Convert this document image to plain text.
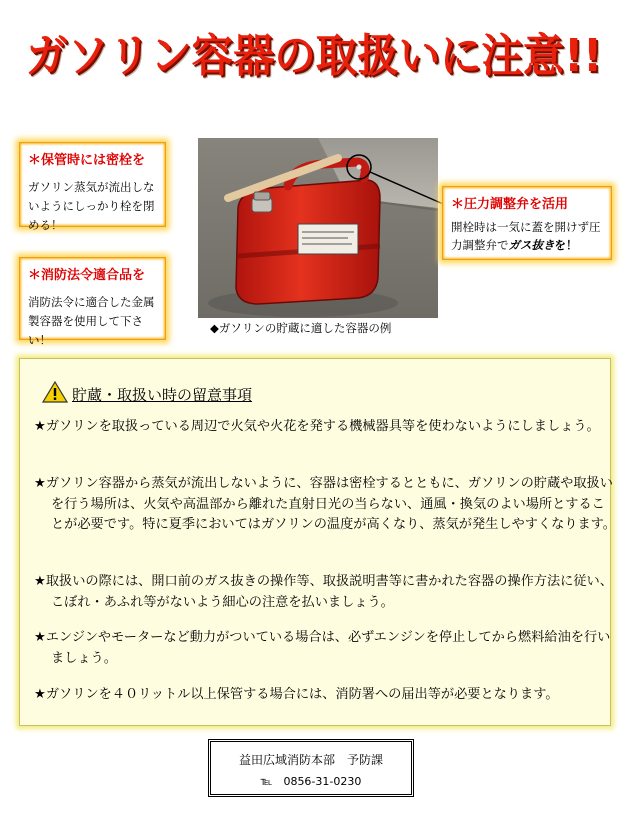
ガソリン容器の取扱いに注意!!
＊保管時には密栓を
ガソリン蒸気が流出しないようにしっかり栓を閉める！
＊消防法令適合品を
消防法令に適合した金属製容器を使用して下さい！
◆ガソリンの貯蔵に適した容器の例
＊圧力調整弁を活用
開栓時は一気に蓋を開けず圧力調整弁でガス抜きを！
貯蔵・取扱い時の留意事項
★ガソリンを取扱っている周辺で火気や火花を発する機械器具等を使わないようにしましょう。
★ガソリン容器から蒸気が流出しないように、容器は密栓するとともに、ガソリンの貯蔵や取扱いを行う場所は、火気や高温部から離れた直射日光の当らない、通風・換気のよい場所とすることが必要です。特に夏季においてはガソリンの温度が高くなり、蒸気が発生しやすくなります。
★取扱いの際には、開口前のガス抜きの操作等、取扱説明書等に書かれた容器の操作方法に従い、こぼれ・あふれ等がないよう細心の注意を払いましょう。
★エンジンやモーターなど動力がついている場合は、必ずエンジンを停止してから燃料給油を行いましょう。
★ガソリンを４０リットル以上保管する場合には、消防署への届出等が必要となります。
益田広域消防本部　予防課
℡　0856-31-0230
